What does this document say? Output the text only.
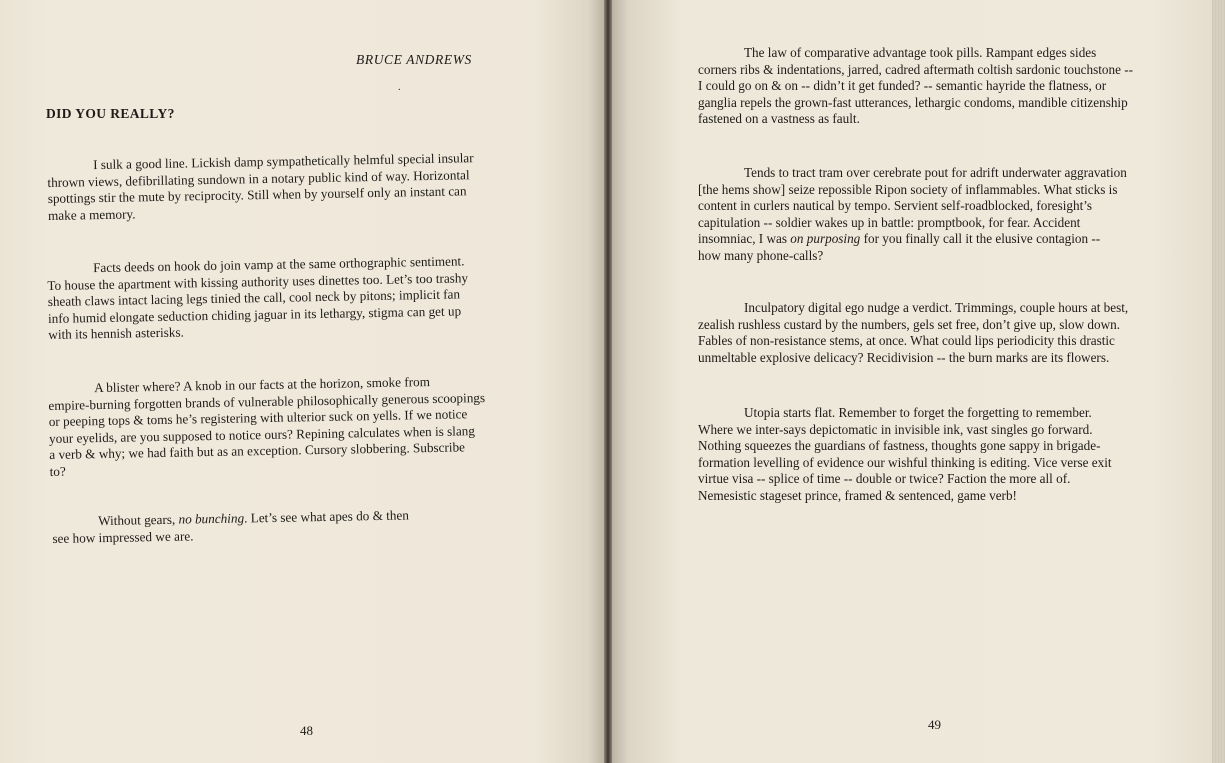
BRUCE ANDREWS
.
DID YOU REALLY?
I sulk a good line. Lickish damp sympathetically helmful special insular
thrown views, defibrillating sundown in a notary public kind of way. Horizontal
spottings stir the mute by reciprocity. Still when by yourself only an instant can
make a memory.
Facts deeds on hook do join vamp at the same orthographic sentiment.
To house the apartment with kissing authority uses dinettes too. Let’s too trashy
sheath claws intact lacing legs tinied the call, cool neck by pitons; implicit fan
info humid elongate seduction chiding jaguar in its lethargy, stigma can get up
with its hennish asterisks.
A blister where? A knob in our facts at the horizon, smoke from
empire-burning forgotten brands of vulnerable philosophically generous scoopings
or peeping tops & toms he’s registering with ulterior suck on yells. If we notice
your eyelids, are you supposed to notice ours? Repining calculates when is slang
a verb & why; we had faith but as an exception. Cursory slobbering. Subscribe
to?
Without gears, no bunching. Let’s see what apes do & then
see how impressed we are.
48
The law of comparative advantage took pills. Rampant edges sides
corners ribs & indentations, jarred, cadred aftermath coltish sardonic touchstone --
I could go on & on -- didn’t it get funded? -- semantic hayride the flatness, or
ganglia repels the grown-fast utterances, lethargic condoms, mandible citizenship
fastened on a vastness as fault.
Tends to tract tram over cerebrate pout for adrift underwater aggravation
[the hems show] seize repossible Ripon society of inflammables. What sticks is
content in curlers nautical by tempo. Servient self-roadblocked, foresight’s
capitulation -- soldier wakes up in battle: promptbook, for fear. Accident
insomniac, I was on purposing for you finally call it the elusive contagion --
how many phone-calls?
Inculpatory digital ego nudge a verdict. Trimmings, couple hours at best,
zealish rushless custard by the numbers, gels set free, don’t give up, slow down.
Fables of non-resistance stems, at once. What could lips periodicity this drastic
unmeltable explosive delicacy? Recidivision -- the burn marks are its flowers.
Utopia starts flat. Remember to forget the forgetting to remember.
Where we inter-says depictomatic in invisible ink, vast singles go forward.
Nothing squeezes the guardians of fastness, thoughts gone sappy in brigade-
formation levelling of evidence our wishful thinking is editing. Vice verse exit
virtue visa -- splice of time -- double or twice? Faction the more all of.
Nemesistic stageset prince, framed & sentenced, game verb!
49
